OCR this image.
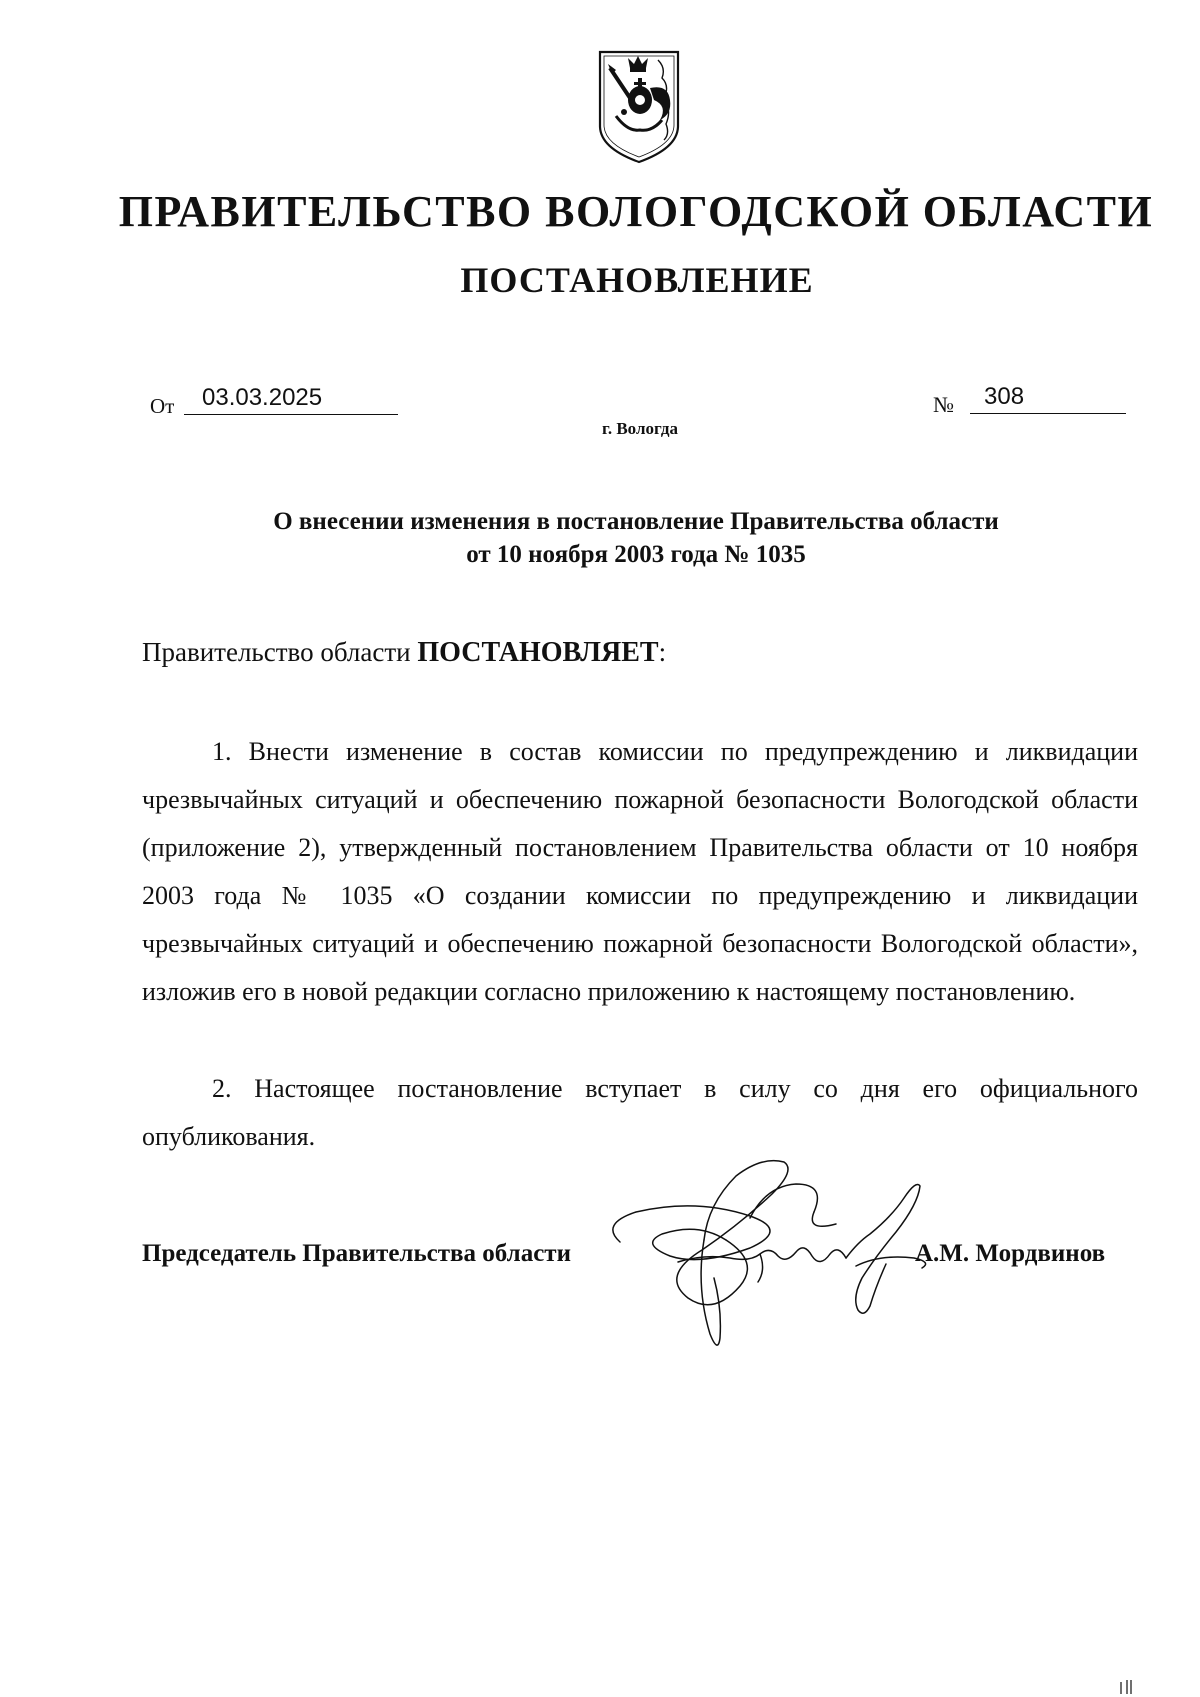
ПРАВИТЕЛЬСТВО ВОЛОГОДСКОЙ ОБЛАСТИ
ПОСТАНОВЛЕНИЕ
От	03.03.2025	№	308
г. Вологда
О внесении изменения в постановление Правительства области
от 10 ноября 2003 года № 1035
Правительство области ПОСТАНОВЛЯЕТ:

1. Внести изменение в состав комиссии по предупреждению и ликвидации чрезвычайных ситуаций и обеспечению пожарной безопасности Вологодской области (приложение 2), утвержденный постановлением Правительства области от 10 ноября 2003 года № 1035 «О создании комиссии по предупреждению и ликвидации чрезвычайных ситуаций и обеспечению пожарной безопасности Вологодской области», изложив его в новой редакции согласно приложению к настоящему постановлению.

2. Настоящее постановление вступает в силу со дня его официального опубликования.

Председатель Правительства области	А.М. Мордвинов
